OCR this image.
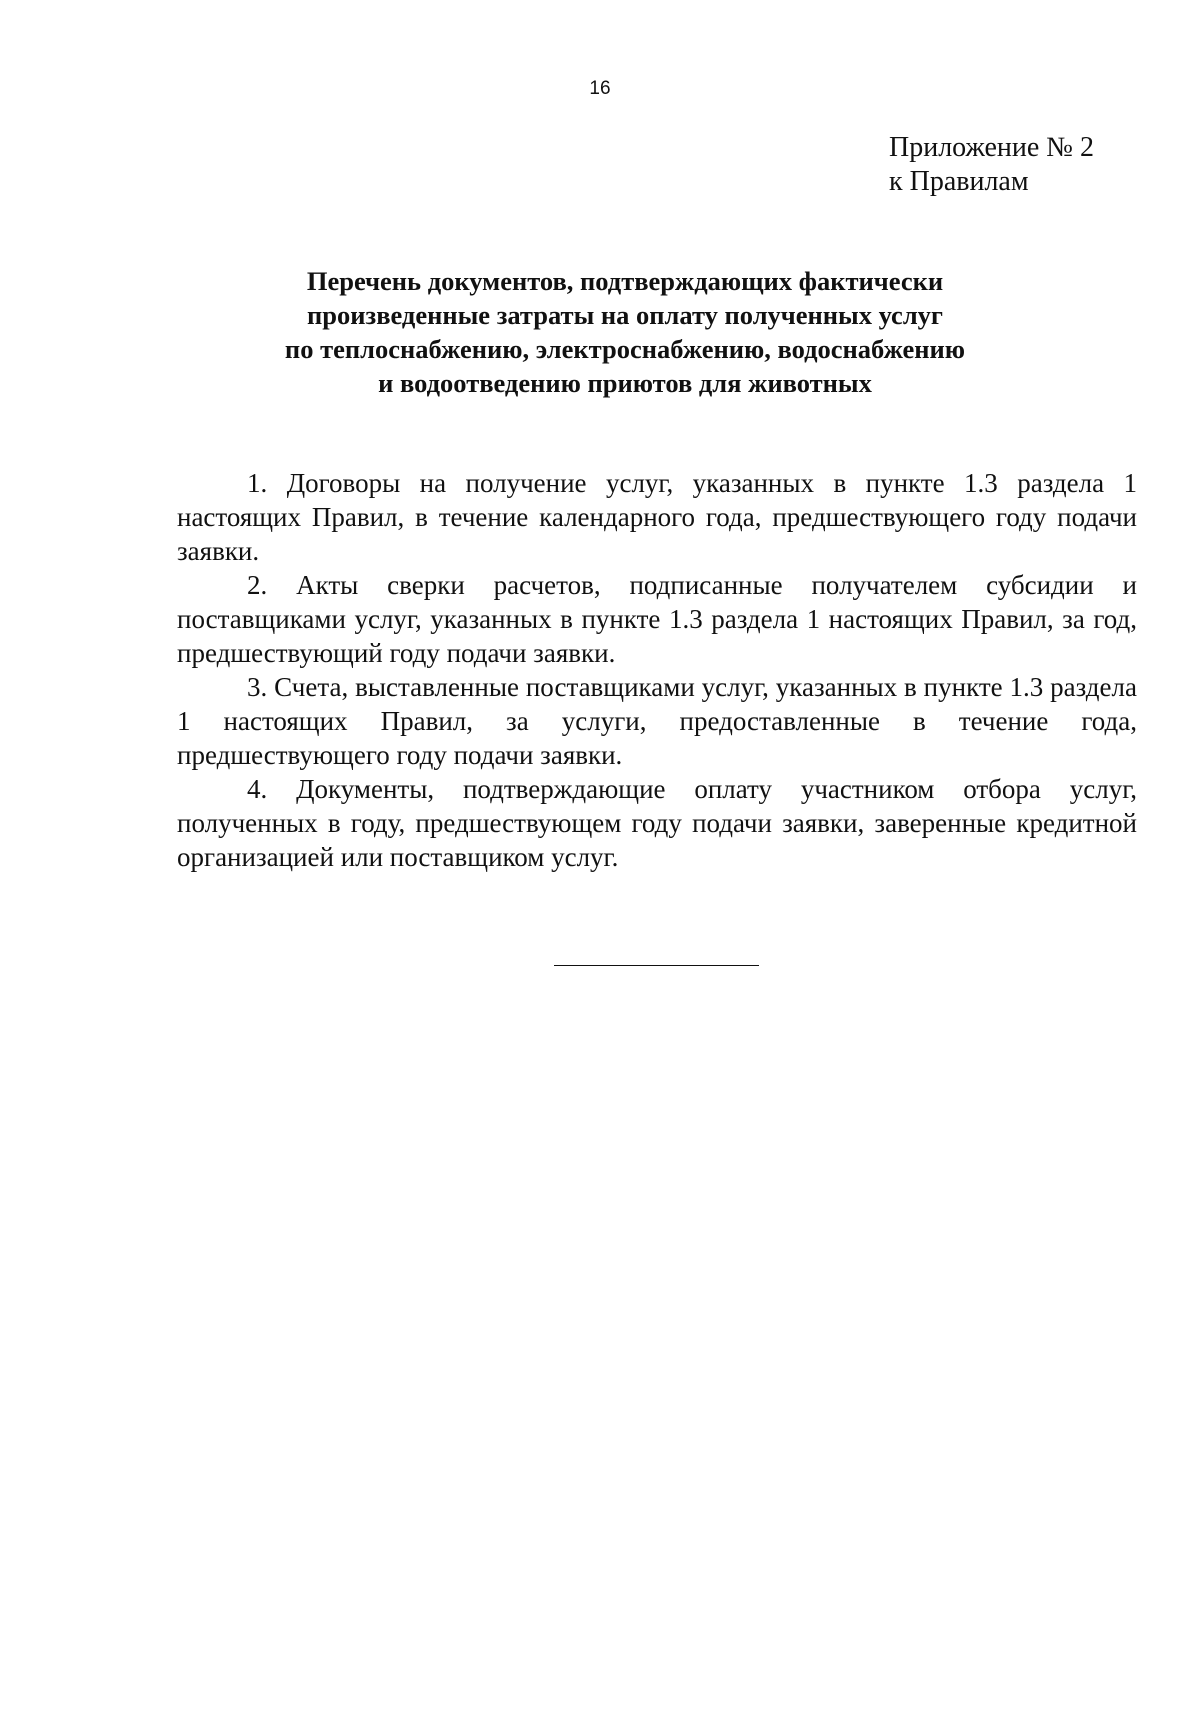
16
Приложение № 2
к Правилам
Перечень документов, подтверждающих фактически
произведенные затраты на оплату полученных услуг
по теплоснабжению, электроснабжению, водоснабжению
и водоотведению приютов для животных

1. Договоры на получение услуг, указанных в пункте 1.3 раздела 1 настоящих Правил, в течение календарного года, предшествующего году подачи заявки.

2. Акты сверки расчетов, подписанные получателем субсидии и поставщиками услуг, указанных в пункте 1.3 раздела 1 настоящих Правил, за год, предшествующий году подачи заявки.

3. Счета, выставленные поставщиками услуг, указанных в пункте 1.3 раздела 1 настоящих Правил, за услуги, предоставленные в течение года, предшествующего году подачи заявки.

4. Документы, подтверждающие оплату участником отбора услуг, полученных в году, предшествующем году подачи заявки, заверенные кредитной организацией или поставщиком услуг.
